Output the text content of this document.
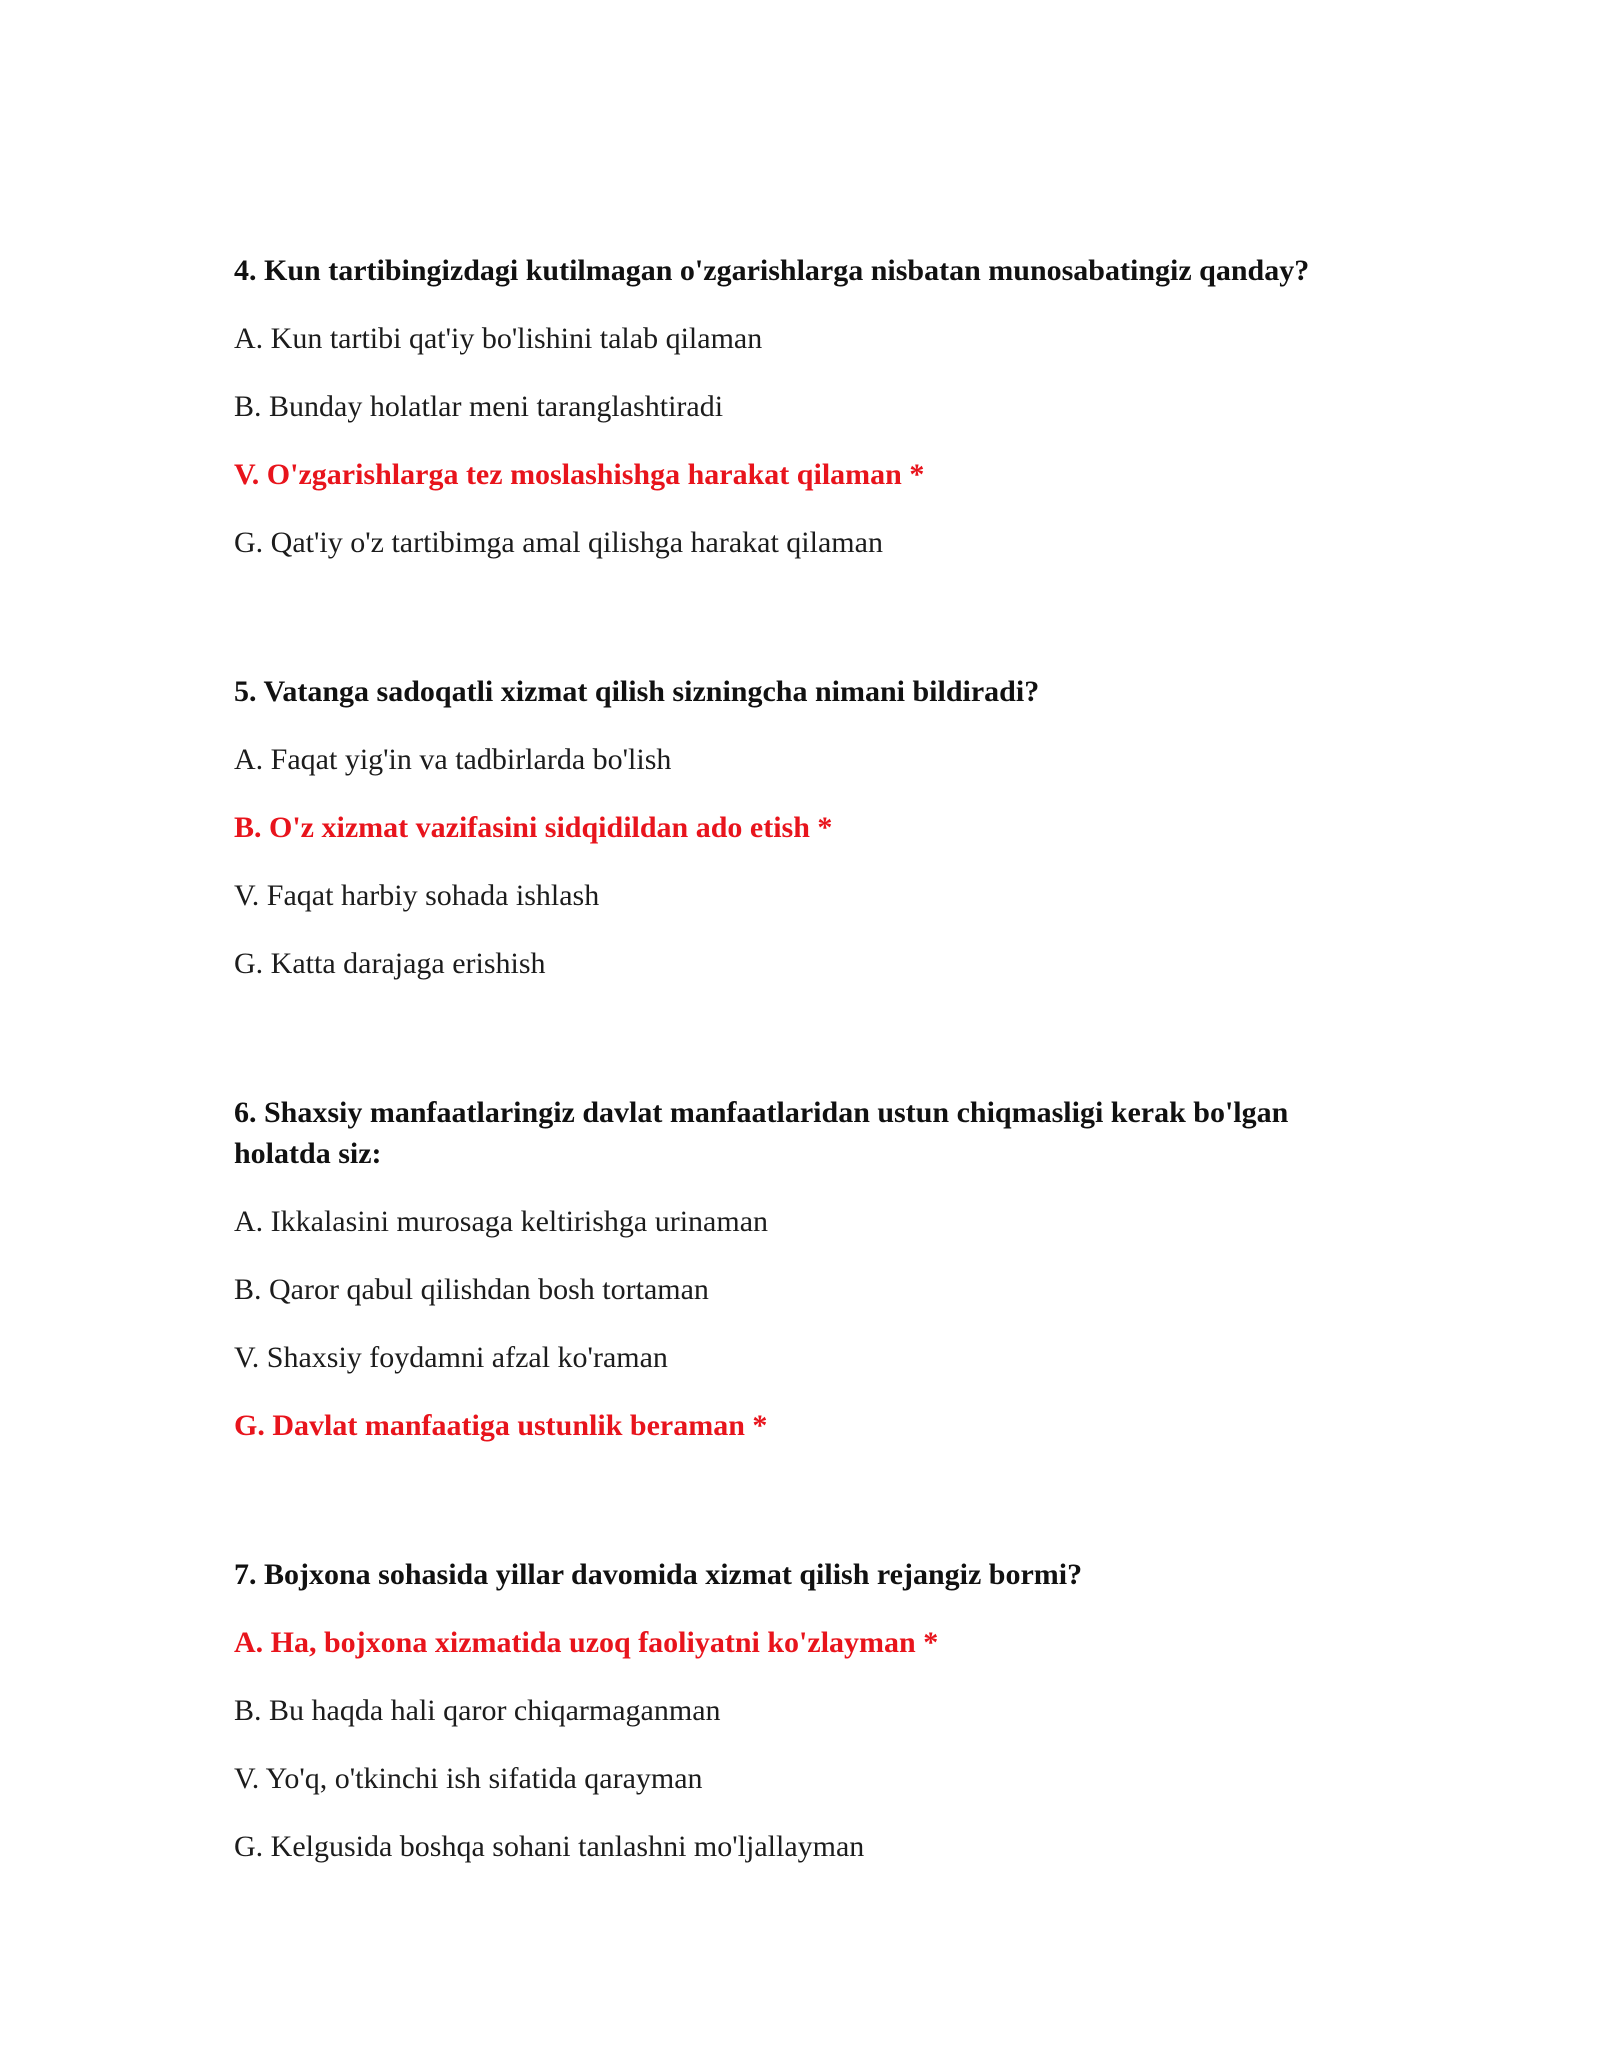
4. Kun tartibingizdagi kutilmagan o'zgarishlarga nisbatan munosabatingiz qanday?

A. Kun tartibi qat'iy bo'lishini talab qilaman

B. Bunday holatlar meni taranglashtiradi

V. O'zgarishlarga tez moslashishga harakat qilaman *

G. Qat'iy o'z tartibimga amal qilishga harakat qilaman

5. Vatanga sadoqatli xizmat qilish sizningcha nimani bildiradi?

A. Faqat yig'in va tadbirlarda bo'lish

B. O'z xizmat vazifasini sidqidildan ado etish *

V. Faqat harbiy sohada ishlash

G. Katta darajaga erishish

6. Shaxsiy manfaatlaringiz davlat manfaatlaridan ustun chiqmasligi kerak bo'lgan holatda siz:

A. Ikkalasini murosaga keltirishga urinaman

B. Qaror qabul qilishdan bosh tortaman

V. Shaxsiy foydamni afzal ko'raman

G. Davlat manfaatiga ustunlik beraman *

7. Bojxona sohasida yillar davomida xizmat qilish rejangiz bormi?

A. Ha, bojxona xizmatida uzoq faoliyatni ko'zlayman *

B. Bu haqda hali qaror chiqarmaganman

V. Yo'q, o'tkinchi ish sifatida qarayman

G. Kelgusida boshqa sohani tanlashni mo'ljallayman
